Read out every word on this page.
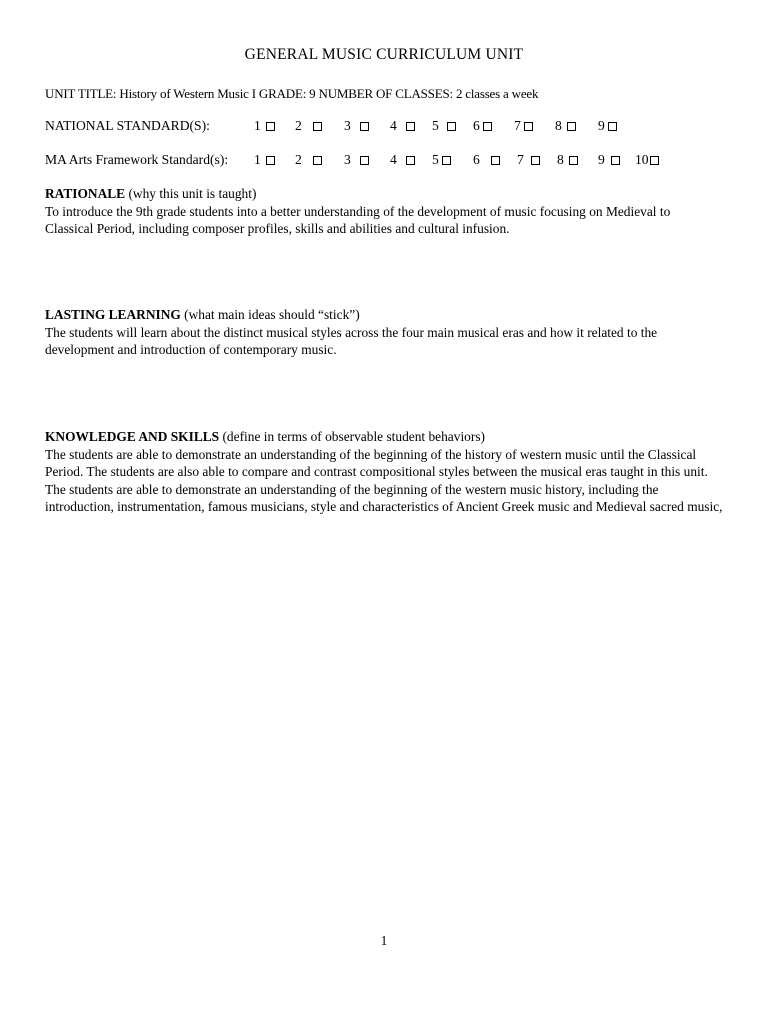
GENERAL MUSIC CURRICULUM UNIT
UNIT TITLE: History of Western Music I GRADE: 9 NUMBER OF CLASSES: 2 classes a week
NATIONAL STANDARD(S):	1	2	3	4	5	6	7	8	9
MA Arts Framework Standard(s): 1	2	3	4	5	6	7	8	9	10

RATIONALE (why this unit is taught)

To introduce the 9th grade students into a better understanding of the development of music focusing on Medieval to Classical Period, including composer profiles, skills and abilities and cultural infusion.

LASTING LEARNING (what main ideas should “stick”)

The students will learn about the distinct musical styles across the four main musical eras and how it related to the development and introduction of contemporary music.

KNOWLEDGE AND SKILLS (define in terms of observable student behaviors)

The students are able to demonstrate an understanding of the beginning of the history of western music until the Classical Period. The students are also able to compare and contrast compositional styles between the musical eras taught in this unit.

The students are able to demonstrate an understanding of the beginning of the western music history, including the introduction, instrumentation, famous musicians, style and characteristics of Ancient Greek music and Medieval sacred music,

1
